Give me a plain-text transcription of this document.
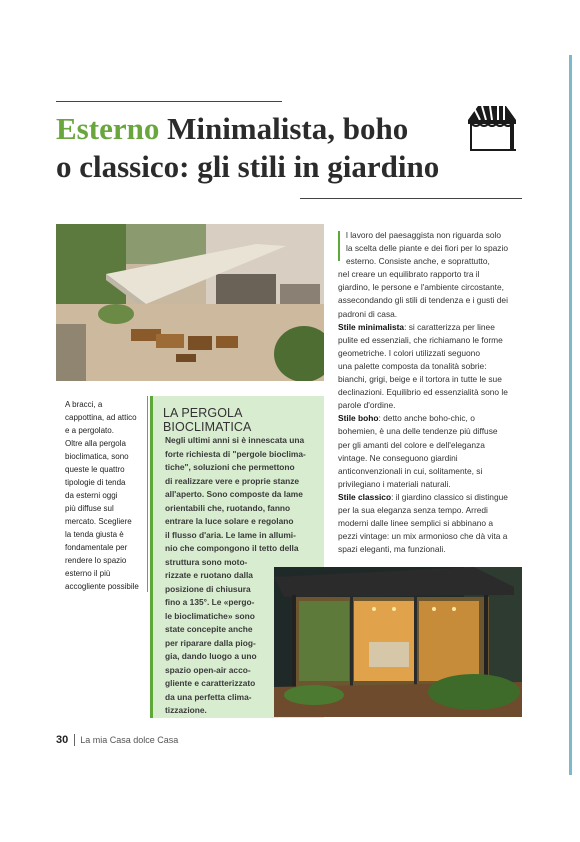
Esterno Minimalista, boho
o classico: gli stili in giardino
A bracci, a
cappottina, ad attico
e a pergolato.
Oltre alla pergola
bioclimatica, sono
queste le quattro
tipologie di tenda
da esterni oggi
più diffuse sul
mercato. Scegliere
la tenda giusta è
fondamentale per
rendere lo spazio
esterno il più
accogliente possibile
LA PERGOLA BIOCLIMATICA
Negli ultimi anni si è innescata una
forte richiesta di "pergole bioclima-
tiche", soluzioni che permettono
di realizzare vere e proprie stanze
all'aperto. Sono composte da lame
orientabili che, ruotando, fanno
entrare la luce solare e regolano
il flusso d'aria. Le lame in allumi-
nio che compongono il tetto della
struttura sono moto-
rizzate e ruotano dalla
posizione di chiusura
fino a 135°. Le «pergo-
le bioclimatiche» sono
state concepite anche
per riparare dalla piog-
gia, dando luogo a uno
spazio open-air acco-
gliente e caratterizzato
da una perfetta clima-
tizzazione.
l lavoro del paesaggista non riguarda solo
la scelta delle piante e dei fiori per lo spazio
esterno. Consiste anche, e soprattutto,
nel creare un equilibrato rapporto tra il
giardino, le persone e l'ambiente circostante,
assecondando gli stili di tendenza e i gusti dei
padroni di casa.
Stile minimalista: si caratterizza per linee
pulite ed essenziali, che richiamano le forme
geometriche. I colori utilizzati seguono
una palette composta da tonalità sobrie:
bianchi, grigi, beige e il tortora in tutte le sue
declinazioni. Equilibrio ed essenzialità sono le
parole d'ordine.
Stile boho: detto anche boho-chic, o
bohemien, è una delle tendenze più diffuse
per gli amanti del colore e dell'eleganza
vintage. Ne conseguono giardini
anticonvenzionali in cui, solitamente, si
privilegiano i materiali naturali.
Stile classico: il giardino classico si distingue
per la sua eleganza senza tempo. Arredi
moderni dalle linee semplici si abbinano a
pezzi vintage: un mix armonioso che dà vita a
spazi eleganti, ma funzionali.
30 La mia Casa dolce Casa
